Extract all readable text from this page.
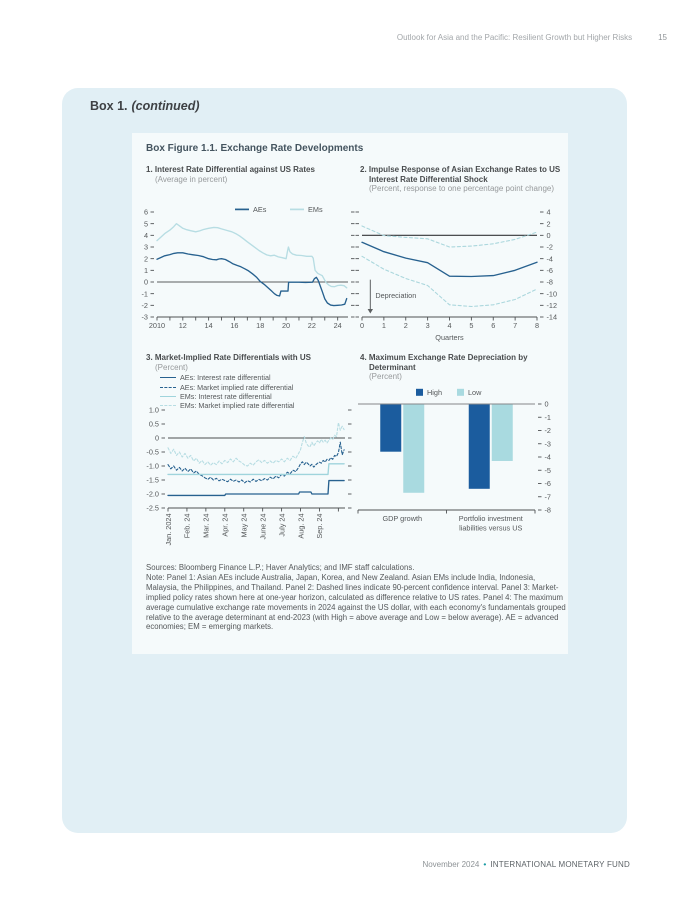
Outlook for Asia and the Pacific: Resilient Growth but Higher Risks	15
Box 1. (continued)
Box Figure 1.1. Exchange Rate Developments
1. Interest Rate Differential against US Rates
(Average in percent)
2. Impulse Response of Asian Exchange Rates to US Interest Rate Differential Shock
(Percent, response to one percentage point change)
3. Market-Implied Rate Differentials with US
(Percent)
4. Maximum Exchange Rate Depreciation by Determinant
(Percent)
6
5
4
3
2
1
0
-1
-2
-3
2010 12 14 16 18 20 22 24
AEs	EMs	4
2
0
-2
-4
-6
-8
-10
-12
-14
0 1 2 3 4 5 6 7 8
Quarters
Depreciation
1.0
0.5
0
-0.5
-1.0
-1.5
-2.0
-2.5
Jan. 2024 Feb. 24 Mar. 24 Apr. 24 May 24 June 24 July 24 Aug. 24 Sep. 24
0
-1
-2
-3
-4
-5
-6
-7
-8
GDP growth	Portfolio investment
liabilities versus US
High	Low
AEs: Interest rate differential
AEs: Market implied rate differential
EMs: Interest rate differential
EMs: Market implied rate differential
Sources: Bloomberg Finance L.P.; Haver Analytics; and IMF staff calculations.
Note: Panel 1: Asian AEs include Australia, Japan, Korea, and New Zealand. Asian EMs include India, Indonesia, Malaysia, the Philippines, and Thailand. Panel 2: Dashed lines indicate 90-percent confidence interval. Panel 3: Market-implied policy rates shown here at one-year horizon, calculated as difference relative to US rates. Panel 4: The maximum average cumulative exchange rate movements in 2024 against the US dollar, with each economy's fundamentals grouped relative to the average determinant at end-2023 (with High = above average and Low = below average). AE = advanced economies; EM = emerging markets.
November 2024 • INTERNATIONAL MONETARY FUND
